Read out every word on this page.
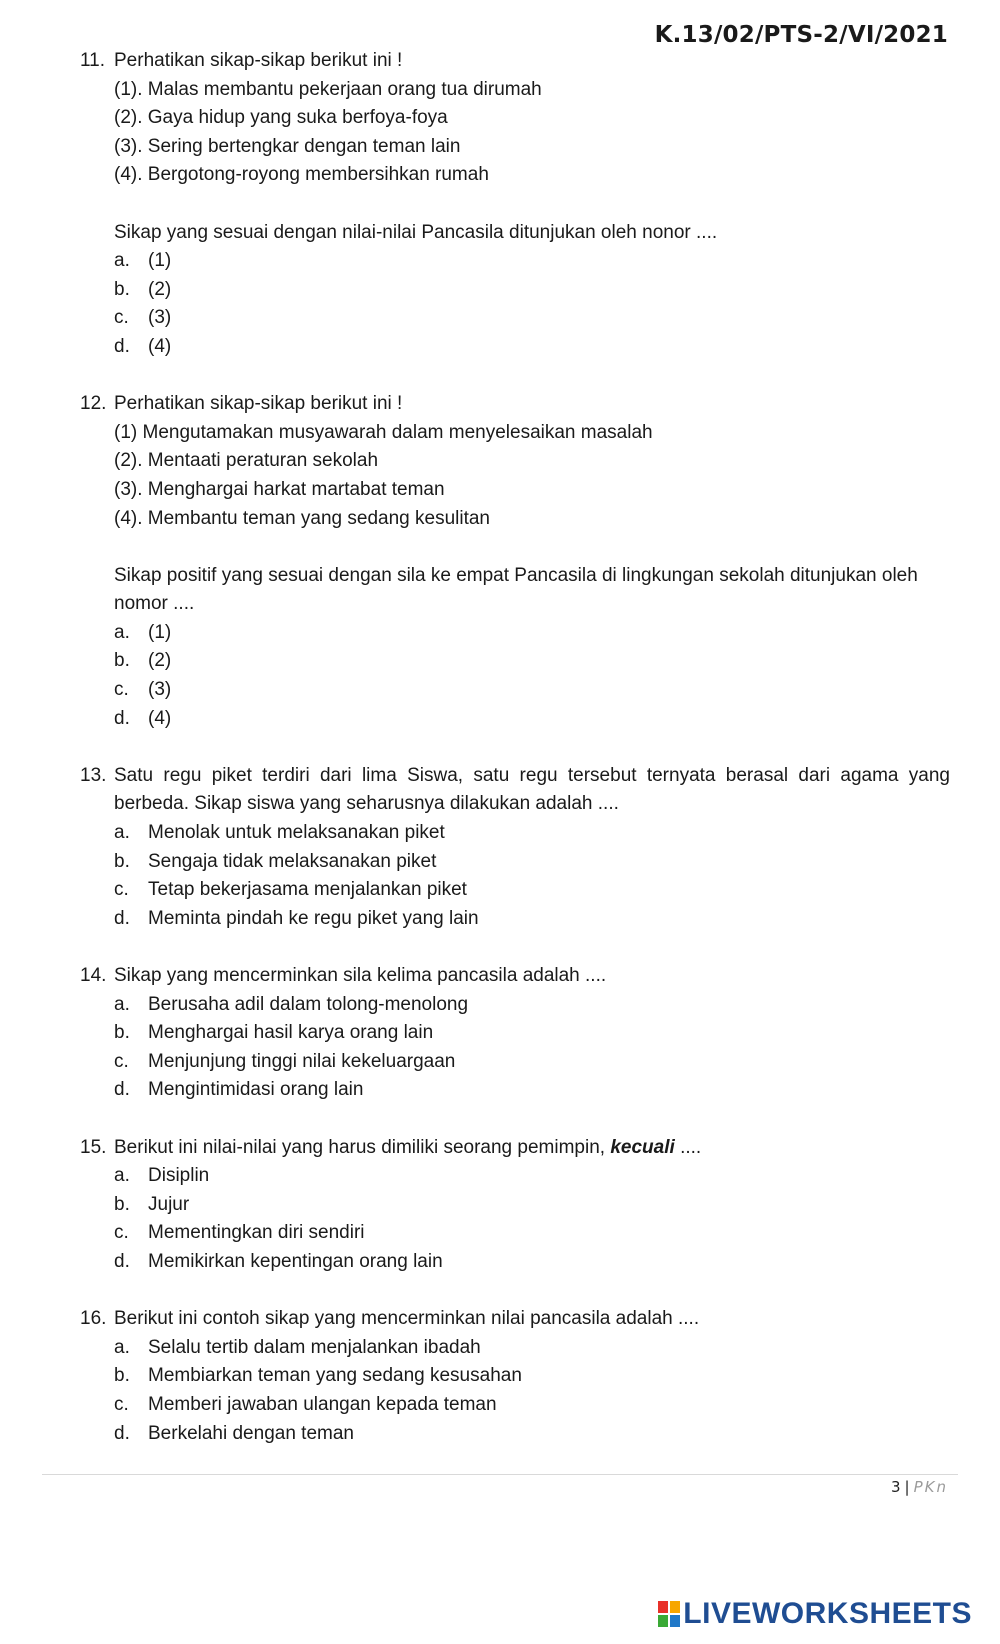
K.13/02/PTS-2/VI/2021
11. Perhatikan sikap-sikap berikut ini !
(1). Malas membantu pekerjaan orang tua dirumah
(2). Gaya hidup yang suka berfoya-foya
(3). Sering bertengkar dengan teman lain
(4). Bergotong-royong membersihkan rumah
Sikap yang sesuai dengan nilai-nilai Pancasila ditunjukan oleh nonor ....
a. (1)
b. (2)
c.	(3)
d. (4)
12. Perhatikan sikap-sikap berikut ini !
(1) Mengutamakan musyawarah dalam menyelesaikan masalah
(2). Mentaati peraturan sekolah
(3). Menghargai harkat martabat teman
(4). Membantu teman yang sedang kesulitan
Sikap positif yang sesuai dengan sila ke empat Pancasila di lingkungan sekolah ditunjukan oleh nomor ....
a. (1)
b. (2)
c.	(3)
d. (4)
13. Satu regu piket terdiri dari lima Siswa, satu regu tersebut ternyata berasal dari agama yang berbeda. Sikap siswa yang seharusnya dilakukan adalah ....
a. Menolak untuk melaksanakan piket
b. Sengaja tidak melaksanakan piket
c.	Tetap bekerjasama menjalankan piket
d. Meminta pindah ke regu piket yang lain
14. Sikap yang mencerminkan sila kelima pancasila adalah ....
a. Berusaha adil dalam tolong-menolong
b. Menghargai hasil karya orang lain
c.	Menjunjung tinggi nilai kekeluargaan
d. Mengintimidasi orang lain
15. Berikut ini nilai-nilai yang harus dimiliki seorang pemimpin, kecuali ....
a. Disiplin
b. Jujur
c.	Mementingkan diri sendiri
d. Memikirkan kepentingan orang lain
16. Berikut ini contoh sikap yang mencerminkan nilai pancasila adalah ....
a. Selalu tertib dalam menjalankan ibadah
b. Membiarkan teman yang sedang kesusahan
c.	Memberi jawaban ulangan kepada teman
d. Berkelahi dengan teman
3 | PKn
LIVEWORKSHEETS
